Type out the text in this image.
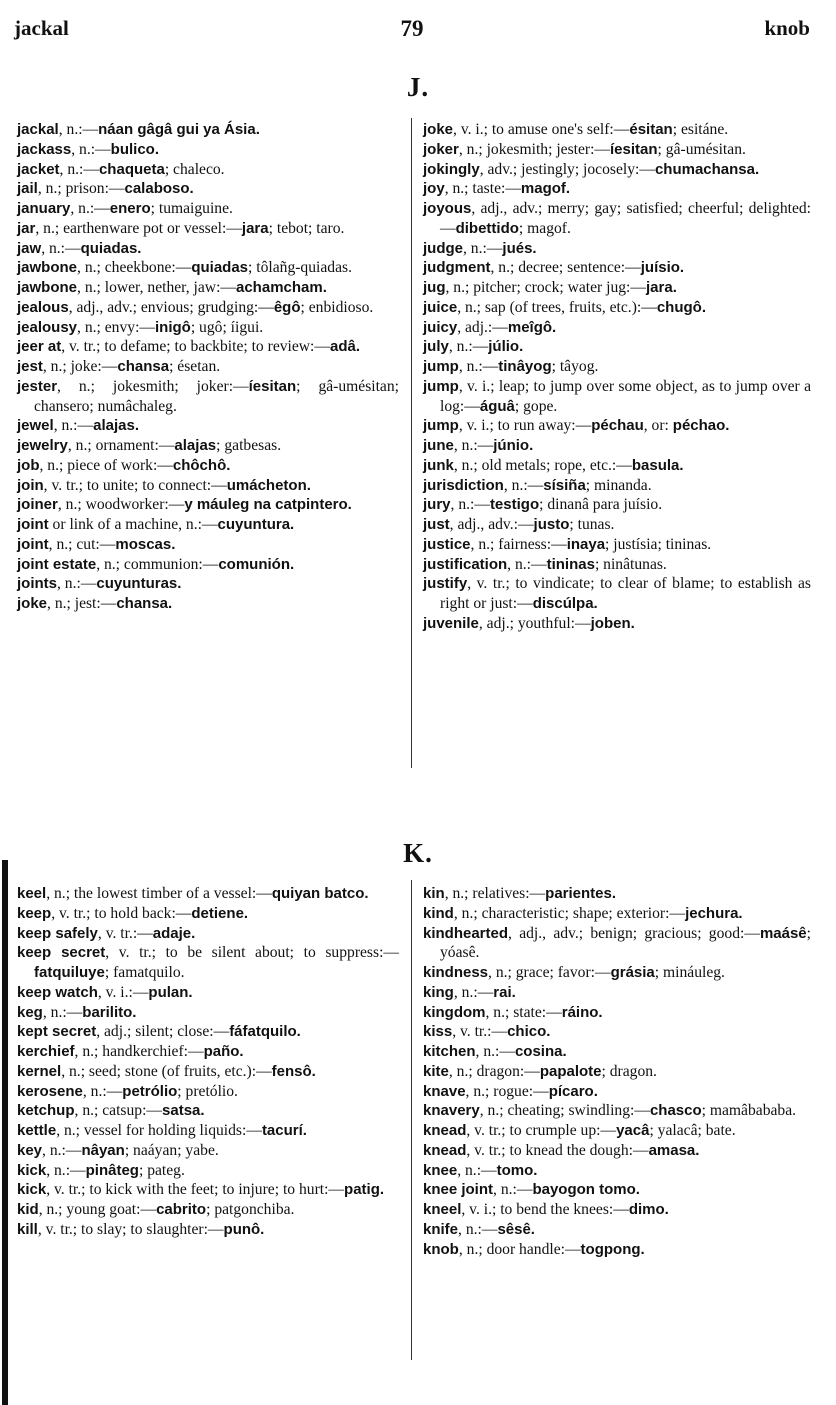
jackal	79	knob
J.

jackal, n.:—náan gâgâ gui ya Ásia.

jackass, n.:—bulico.

jacket, n.:—chaqueta; chaleco.

jail, n.; prison:—calaboso.

january, n.:—enero; tumaiguine.

jar, n.; earthenware pot or vessel:—jara; tebot; taro.

jaw, n.:—quiadas.

jawbone, n.; cheekbone:—quiadas; tôlañg-quiadas.

jawbone, n.; lower, nether, jaw:—achamcham.

jealous, adj., adv.; envious; grudging:—êgô; enbidioso.

jealousy, n.; envy:—inigô; ugô; íigui.

jeer at, v. tr.; to defame; to backbite; to review:—adâ.

jest, n.; joke:—chansa; ésetan.

jester, n.; jokesmith; joker:—íesitan; gâ-umésitan; chansero; numâchaleg.

jewel, n.:—alajas.

jewelry, n.; ornament:—alajas; gatbesas.

job, n.; piece of work:—chôchô.

join, v. tr.; to unite; to connect:—umácheton.

joiner, n.; woodworker:—y máuleg na catpintero.

joint or link of a machine, n.:—cuyuntura.

joint, n.; cut:—moscas.

joint estate, n.; communion:—comunión.

joints, n.:—cuyunturas.

joke, n.; jest:—chansa.

joke, v. i.; to amuse one's self:—ésitan; esitáne.

joker, n.; jokesmith; jester:—íesitan; gâ-umésitan.

jokingly, adv.; jestingly; jocosely:—chumachansa.

joy, n.; taste:—magof.

joyous, adj., adv.; merry; gay; satisfied; cheerful; delighted:—dibettido; magof.

judge, n.:—jués.

judgment, n.; decree; sentence:—juísio.

jug, n.; pitcher; crock; water jug:—jara.

juice, n.; sap (of trees, fruits, etc.):—chugô.

juicy, adj.:—meîgô.

july, n.:—júlio.

jump, n.:—tinâyog; tâyog.

jump, v. i.; leap; to jump over some object, as to jump over a log:—águâ; gope.

jump, v. i.; to run away:—péchau, or: péchao.

june, n.:—júnio.

junk, n.; old metals; rope, etc.:—basula.

jurisdiction, n.:—sísiña; minanda.

jury, n.:—testigo; dinanâ para juísio.

just, adj., adv.:—justo; tunas.

justice, n.; fairness:—inaya; justísia; tininas.

justification, n.:—tininas; ninâtunas.

justify, v. tr.; to vindicate; to clear of blame; to establish as right or just:—discúlpa.

juvenile, adj.; youthful:—joben.

K.

keel, n.; the lowest timber of a vessel:—quiyan batco.

keep, v. tr.; to hold back:—detiene.

keep safely, v. tr.:—adaje.

keep secret, v. tr.; to be silent about; to suppress:—fatquiluye; famatquilo.

keep watch, v. i.:—pulan.

keg, n.:—barilito.

kept secret, adj.; silent; close:—fáfatquilo.

kerchief, n.; handkerchief:—paño.

kernel, n.; seed; stone (of fruits, etc.):—fensô.

kerosene, n.:—petrólio; pretólio.

ketchup, n.; catsup:—satsa.

kettle, n.; vessel for holding liquids:—tacurí.

key, n.:—nâyan; naáyan; yabe.

kick, n.:—pinâteg; pateg.

kick, v. tr.; to kick with the feet; to injure; to hurt:—patig.

kid, n.; young goat:—cabrito; patgonchiba.

kill, v. tr.; to slay; to slaughter:—punô.

kin, n.; relatives:—parientes.

kind, n.; characteristic; shape; exterior:—jechura.

kindhearted, adj., adv.; benign; gracious; good:—maásê; yóasê.

kindness, n.; grace; favor:—grásia; mináuleg.

king, n.:—rai.

kingdom, n.; state:—ráino.

kiss, v. tr.:—chico.

kitchen, n.:—cosina.

kite, n.; dragon:—papalote; dragon.

knave, n.; rogue:—pícaro.

knavery, n.; cheating; swindling:—chasco; mamâbababa.

knead, v. tr.; to crumple up:—yacâ; yalacâ; bate.

knead, v. tr.; to knead the dough:—amasa.

knee, n.:—tomo.

knee joint, n.:—bayogon tomo.

kneel, v. i.; to bend the knees:—dimo.

knife, n.:—sêsê.

knob, n.; door handle:—togpong.
